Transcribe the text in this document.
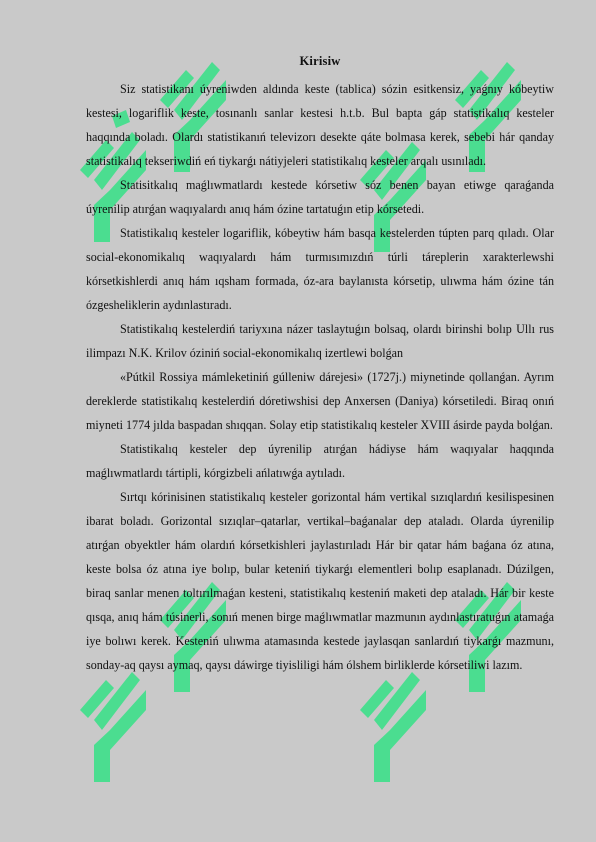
Kirisiw

Siz statistikanı úyreniwden aldında keste (tablica) sózin esitkensiz, yaǵnıy kóbeytiw kestesi, logariflik keste, tosınanlı sanlar kestesi h.t.b. Bul bapta gáp statistikalıq kesteler haqqında boladı. Olardı statistikanıń televizorı desekte qáte bolmasa kerek, sebebi hár qanday statistikalıq tekseriwdiń eń tiykarǵı nátiyjeleri statistikalıq kesteler arqalı usınıladı.

Statisitkalıq maǵlıwmatlardı kestede kórsetiw sóz benen bayan etiwge qaraǵanda úyrenilip atırǵan waqıyalardı anıq hám ózine tartatuǵın etip kórsetedi.

Statistikalıq kesteler logariflik, kóbeytiw hám basqa kestelerden túpten parq qıladı. Olar social-ekonomikalıq waqıyalardı hám turmısımızdıń túrli táreplerin xarakterlewshi kórsetkishlerdi anıq hám ıqsham formada, óz-ara baylanısta kórsetip, ulıwma hám ózine tán ózgesheliklerin aydınlastıradı.

Statistikalıq kestelerdiń tariyxına názer taslaytuǵın bolsaq, olardı birinshi bolıp Ullı rus ilimpazı N.K. Krilov óziniń social-ekonomikalıq izertlewi bolǵan

«Pútkil Rossiya mámleketiniń gúlleniw dárejesi» (1727j.) miynetinde qollanǵan. Ayrım dereklerde statistikalıq kestelerdiń dóretiwshisi dep Anxersen (Daniya) kórsetiledi. Biraq onıń miyneti 1774 jılda baspadan shıqqan. Solay etip statistikalıq kesteler XVIII ásirde payda bolǵan.

Statistikalıq kesteler dep úyrenilip atırǵan hádiyse hám waqıyalar haqqında maǵlıwmatlardı tártipli, kórgizbeli ańlatıwǵa aytıladı.

Sırtqı kórinisinen statistikalıq kesteler gorizontal hám vertikal sızıqlardıń kesilispesinen ibarat boladı. Gorizontal sızıqlar–qatarlar, vertikal–baǵanalar dep ataladı. Olarda úyrenilip atırǵan obyektler hám olardıń kórsetkishleri jaylastırıladı Hár bir qatar hám baǵana óz atına, keste bolsa óz atına iye bolıp, bular keteniń tiykarǵı elementleri bolıp esaplanadı. Dúzilgen, biraq sanlar menen toltırılmaǵan kesteni, statistikalıq kesteniń maketi dep ataladı. Hár bir keste qısqa, anıq hám túsinerli, sonıń menen birge maǵlıwmatlar mazmunın aydınlastıratuǵın atamaǵa iye bolıwı kerek. Kesteniń ulıwma atamasında kestede jaylasqan sanlardıń tiykarǵı mazmunı, sonday-aq qaysı aymaq, qaysı dáwirge tiyisliligi hám ólshem birliklerde kórsetiliwi lazım.
